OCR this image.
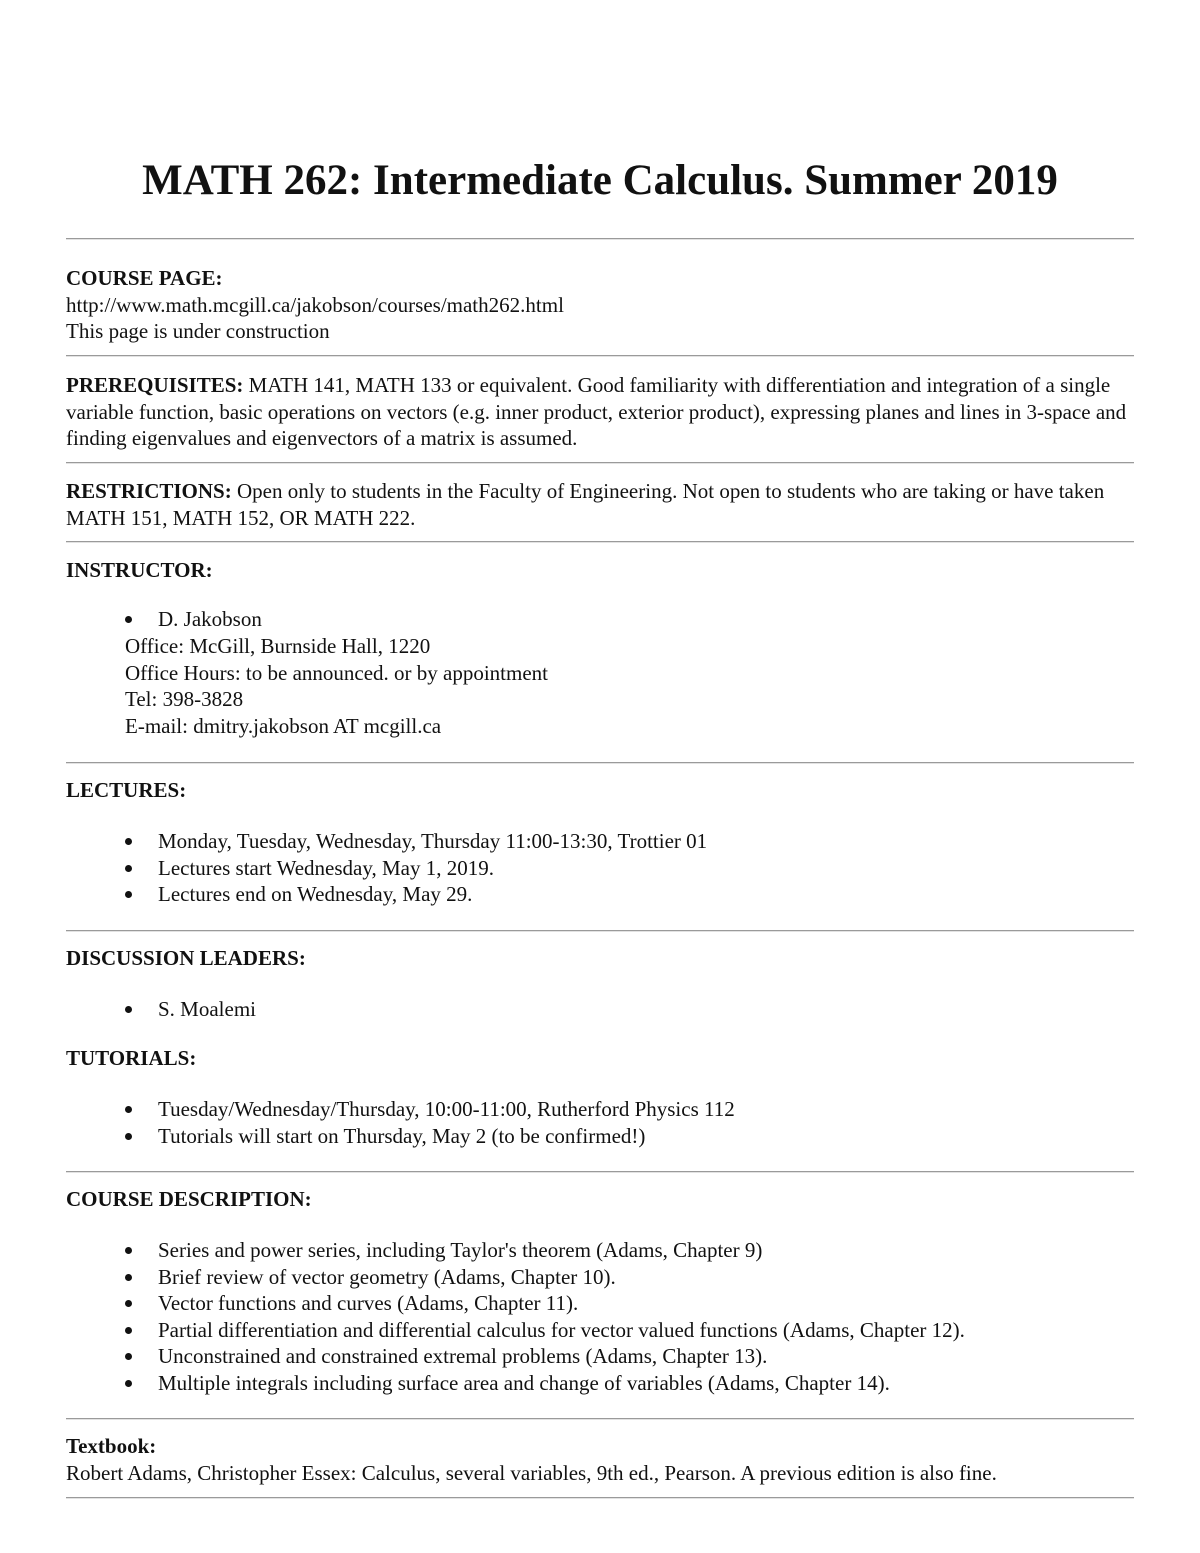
MATH 262: Intermediate Calculus. Summer 2019
COURSE PAGE:
http://www.math.mcgill.ca/jakobson/courses/math262.html
This page is under construction
PREREQUISITES: MATH 141, MATH 133 or equivalent. Good familiarity with differentiation and integration of a single variable function, basic operations on vectors (e.g. inner product, exterior product), expressing planes and lines in 3-space and finding eigenvalues and eigenvectors of a matrix is assumed.
RESTRICTIONS: Open only to students in the Faculty of Engineering. Not open to students who are taking or have taken MATH 151, MATH 152, OR MATH 222.
INSTRUCTOR:
D. Jakobson
Office: McGill, Burnside Hall, 1220
Office Hours: to be announced. or by appointment
Tel: 398-3828
E-mail: dmitry.jakobson AT mcgill.ca
LECTURES:
Monday, Tuesday, Wednesday, Thursday 11:00-13:30, Trottier 01
Lectures start Wednesday, May 1, 2019.
Lectures end on Wednesday, May 29.
DISCUSSION LEADERS:
S. Moalemi
TUTORIALS:
Tuesday/Wednesday/Thursday, 10:00-11:00, Rutherford Physics 112
Tutorials will start on Thursday, May 2 (to be confirmed!)
COURSE DESCRIPTION:
Series and power series, including Taylor's theorem (Adams, Chapter 9)
Brief review of vector geometry (Adams, Chapter 10).
Vector functions and curves (Adams, Chapter 11).
Partial differentiation and differential calculus for vector valued functions (Adams, Chapter 12).
Unconstrained and constrained extremal problems (Adams, Chapter 13).
Multiple integrals including surface area and change of variables (Adams, Chapter 14).
Textbook:
Robert Adams, Christopher Essex: Calculus, several variables, 9th ed., Pearson. A previous edition is also fine.
